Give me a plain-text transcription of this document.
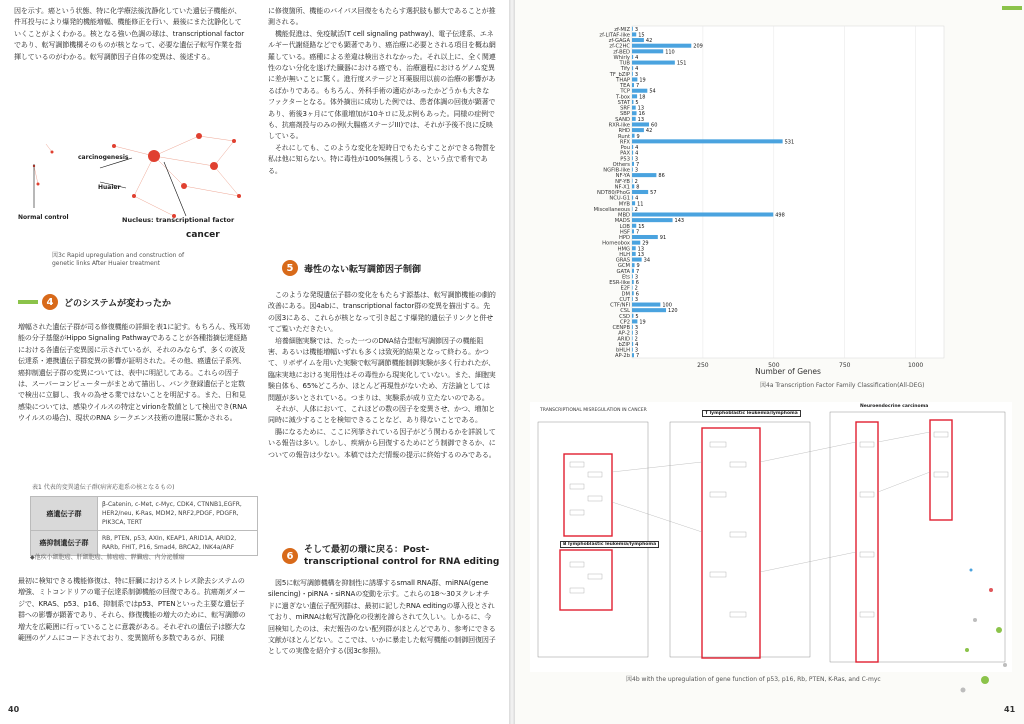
因を示す。癌という状態、特に化学療法後沈静化していた遺伝子機能が、件耳投与により爆発的機能増幅、機能修正を行い、最後にまた沈静化していくことがよくわかる。核となる強い色調の球は、transcriptional factorであり、転写調節機構そのものが核となって、必要な遺伝子転写作業を指揮しているのがわかる。転写調節因子自体の変異は、後述する。

carcinogenesis
Huaier
Normal control	Nucleus: transcriptional factor
cancer

図3c Rapid upregulation and construction of genetic links After Huaier treatment

4	どのシステムが変わったか

増幅された遺伝子群が司る修復機能の詳細を表1に記す。もちろん、残耳効能の分子基盤がHippo Signaling Pathwayであることが各種指摘伝達経路における各遺伝子変異図に示されているが、それのみならず、多くの波及伝達系・連携遺伝子群変異の影響が証明された。その他、癌遺伝子系列、癌抑制遺伝子群の変異については、表中に明記してある。これらの因子は、スーパーコンピューターがまとめて描出し、バンク登録遺伝子と定数で検出に立脚し、我々の為せる業ではないことを明記する。また、日和見感染については、感染ウイルスの特定とvirionを数値として検出でき(RNAウイルスの場合)、現状のRNA シークエンス技術の進展に驚かされる。

表1 代表的変異遺伝子群(病害応進系の核となるもの)

癌遺伝子群	β-Catenin, c-Met, c-Myc, CDK4, CTNNB1,EGFR, HER2/neu, K-Ras, MDM2, NRF2,PDGF, PDGFR, PIK3CA, TERT
癌抑制遺伝子群	RB, PTEN, p53, AXIn, KEAP1, ARID1A, ARID2, RARb, FHIT, P16, Smad4, BRCA2, INK4a/ARF

◆他疾小細胞癌、肝細胞癌、肺癌癌、膵臓癌、内分泌腫瘍

最初に検知できる機能修復は、特に肝臓におけるストレス除去システムの増強、ミトコンドリアの電子伝達系制御機能の回復である。抗癌剤ダメージで、KRAS、p53、p16、抑制系ではp53、PTENといった主要な遺伝子群への影響が顕著であり、それら、修復機能の増大のために、転写調節の増大を広範囲に行っていることに意義がある。それぞれの遺伝子は膨大な範囲のゲノムにコードされており、変異箇所も多数であるが、同様

に修復箇所、機能のバイパス回復をもたらす選択肢も膨大であることが推測される。

機能促進は、免疫賦活(T cell signaling pathway)、電子伝達系、エネルギー代謝経路などでも顕著であり、癌治療に必要とされる項目を概ね網羅している。癌種による差違は検出されなかった。それ以上に、全く関連性のない分化を遂げた臓器における癌でも、治療過程におけるゲノム変異に差が無いことに驚く。進行度ステージと耳薬服用以前の治療の影響があるばかりである。もちろん、外科手術の適応があったかどうかも大きなファクターとなる。体外摘出に成功した例では、患者体調の回復が顕著であり、術後3ヶ月にて体重増加が10キロに及ぶ例もあった。同様の症例でも、抗癌剤投与のみの例(大腸癌ステージIII)では、それが予後不良に反映している。

それにしても、このような変化を短時日でもたらすことができる物質を私は他に知らない。特に毒性が100%無視しうる、という点で希有である。

5	毒性のない転写調節因子制御

このような発現遺伝子群の変化をもたらす源基は、転写調節機能の劇的改善にある。図4abに、transcriptional factor群の変異を描出する。先の図3にある、これらが核となって引き起こす爆発的遺伝子リンクと併せてご覧いただきたい。

培養細胞実験では、たった一つのDNA結合型転写調節因子の機能阻害、あるいは機能増幅いずれも多くは致死的結果となって終わる。かつて、リボザイムを用いた実験で転写調節機能制御実験が多く行われたが、臨床実地における実用性はその毒性から現実化していない。また、細胞実験自体も、65%どころか、ほとんど再現性がないため、方法論としては問題が多いとされている。つまりは、実験系が成り立たないのである。

それが、人体において、これほどの数の因子を変異させ、かつ、増加と同時に減少することを検知できることなど、あり得ないことである。

腸になるために、ここに列挙されている因子がどう関わるかを詳説している報告は多い。しかし、疾病から回復するためにどう制御できるか、についての報告は少ない。本稿ではただ情報の提示に終始するのみである。

6
そして最初の環に戻る：Post-transcriptional control for RNA editing

図5に転写調節機構を抑制性に誘導するsmall RNA群、miRNA(gene silencing)・piRNA・siRNAの変動を示す。これらの18〜30ヌクレオチドに過ぎない遺伝子配列群は、最初に記したRNA editingの導入役とされており、miRNAは転写沈静化の役割を諦らされて久しい。しかるに、今回検知したのは、未だ報告のない配列群がほとんどであり、参考にできる文献がほとんどない。ここでは、いかに暴走した転写機能の制御回復因子としての実像を紹介する(図3c参照)。

40	41
250	500	750	1000
zf-MIZ 3
zf-LITAF-like 15
zf-GAGA	42
zf-C2HC	209
zf-BED	110
Whirly 4
TUB	151
Tify 4
TF_bZIP 3
THAP 19
TEA 7
TCP	54
T-box 18
STAT 5
SRF 13
SBP 16
SAND 13
RXR-like	60
RHD	42
Runt 9
RFX	531
Pou 4
PAX 4
P53 3
Others 7
NGFIB-like 3
NF-YA	86
NF-YB 2
NF-X1 8
NDT80/PhoG	57
NCU-G1 4
MYB 11
Miscellaneous 2
MBD	498
MADS	143
LOB 15
HSF 7
HPD	91
Homeobox 29
HMG 13
HLH 13
GRAS	34
GCM 9
GATA 7
Ets 3
ESR-like 6
E2F 2
DM 6
CUT 3
CTF/NFI	100
CSL	120
CSD 5
CP2 19
CENPB 3
AP-2 3
ARID 2
bZIP 4
bHLH 3
AP-2b 7
Number of Genes

図4a Transcription Factor Family Classification(All-DEG)

TRANSCRIPTIONAL MISREGULATION IN CANCER
T lymphoblastic leukemia/lymphoma
B lymphoblastic leukemia/lymphoma
Neuroendocrine carcinoma

図4b with the upregulation of gene function of p53, p16, Rb, PTEN, K-Ras, and C-myc
